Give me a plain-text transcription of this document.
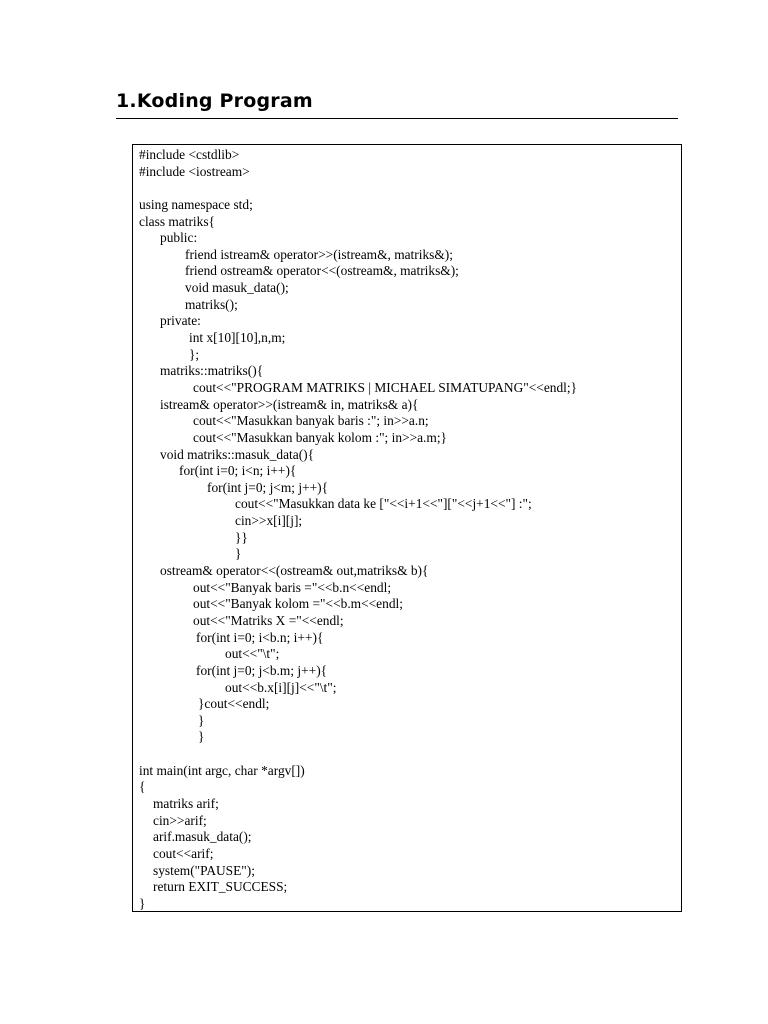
1.Koding Program
#include <cstdlib>
#include <iostream>
using namespace std;
class matriks{
public:
friend istream& operator>>(istream&, matriks&);
friend ostream& operator<<(ostream&, matriks&);
void masuk_data();
matriks();
private:
int x[10][10],n,m;
};
matriks::matriks(){
cout<<"PROGRAM MATRIKS | MICHAEL SIMATUPANG"<<endl;}
istream& operator>>(istream& in, matriks& a){
cout<<"Masukkan banyak baris :"; in>>a.n;
cout<<"Masukkan banyak kolom :"; in>>a.m;}
void matriks::masuk_data(){
for(int i=0; i<n; i++){
for(int j=0; j<m; j++){
cout<<"Masukkan data ke ["<<i+1<<"]["<<j+1<<"] :";
cin>>x[i][j];
}}
}
ostream& operator<<(ostream& out,matriks& b){
out<<"Banyak baris ="<<b.n<<endl;
out<<"Banyak kolom ="<<b.m<<endl;
out<<"Matriks X ="<<endl;
for(int i=0; i<b.n; i++){
out<<"\t";
for(int j=0; j<b.m; j++){
out<<b.x[i][j]<<"\t";
}cout<<endl;
}
}
int main(int argc, char *argv[])
{
matriks arif;
cin>>arif;
arif.masuk_data();
cout<<arif;
system("PAUSE");
return EXIT_SUCCESS;
}
